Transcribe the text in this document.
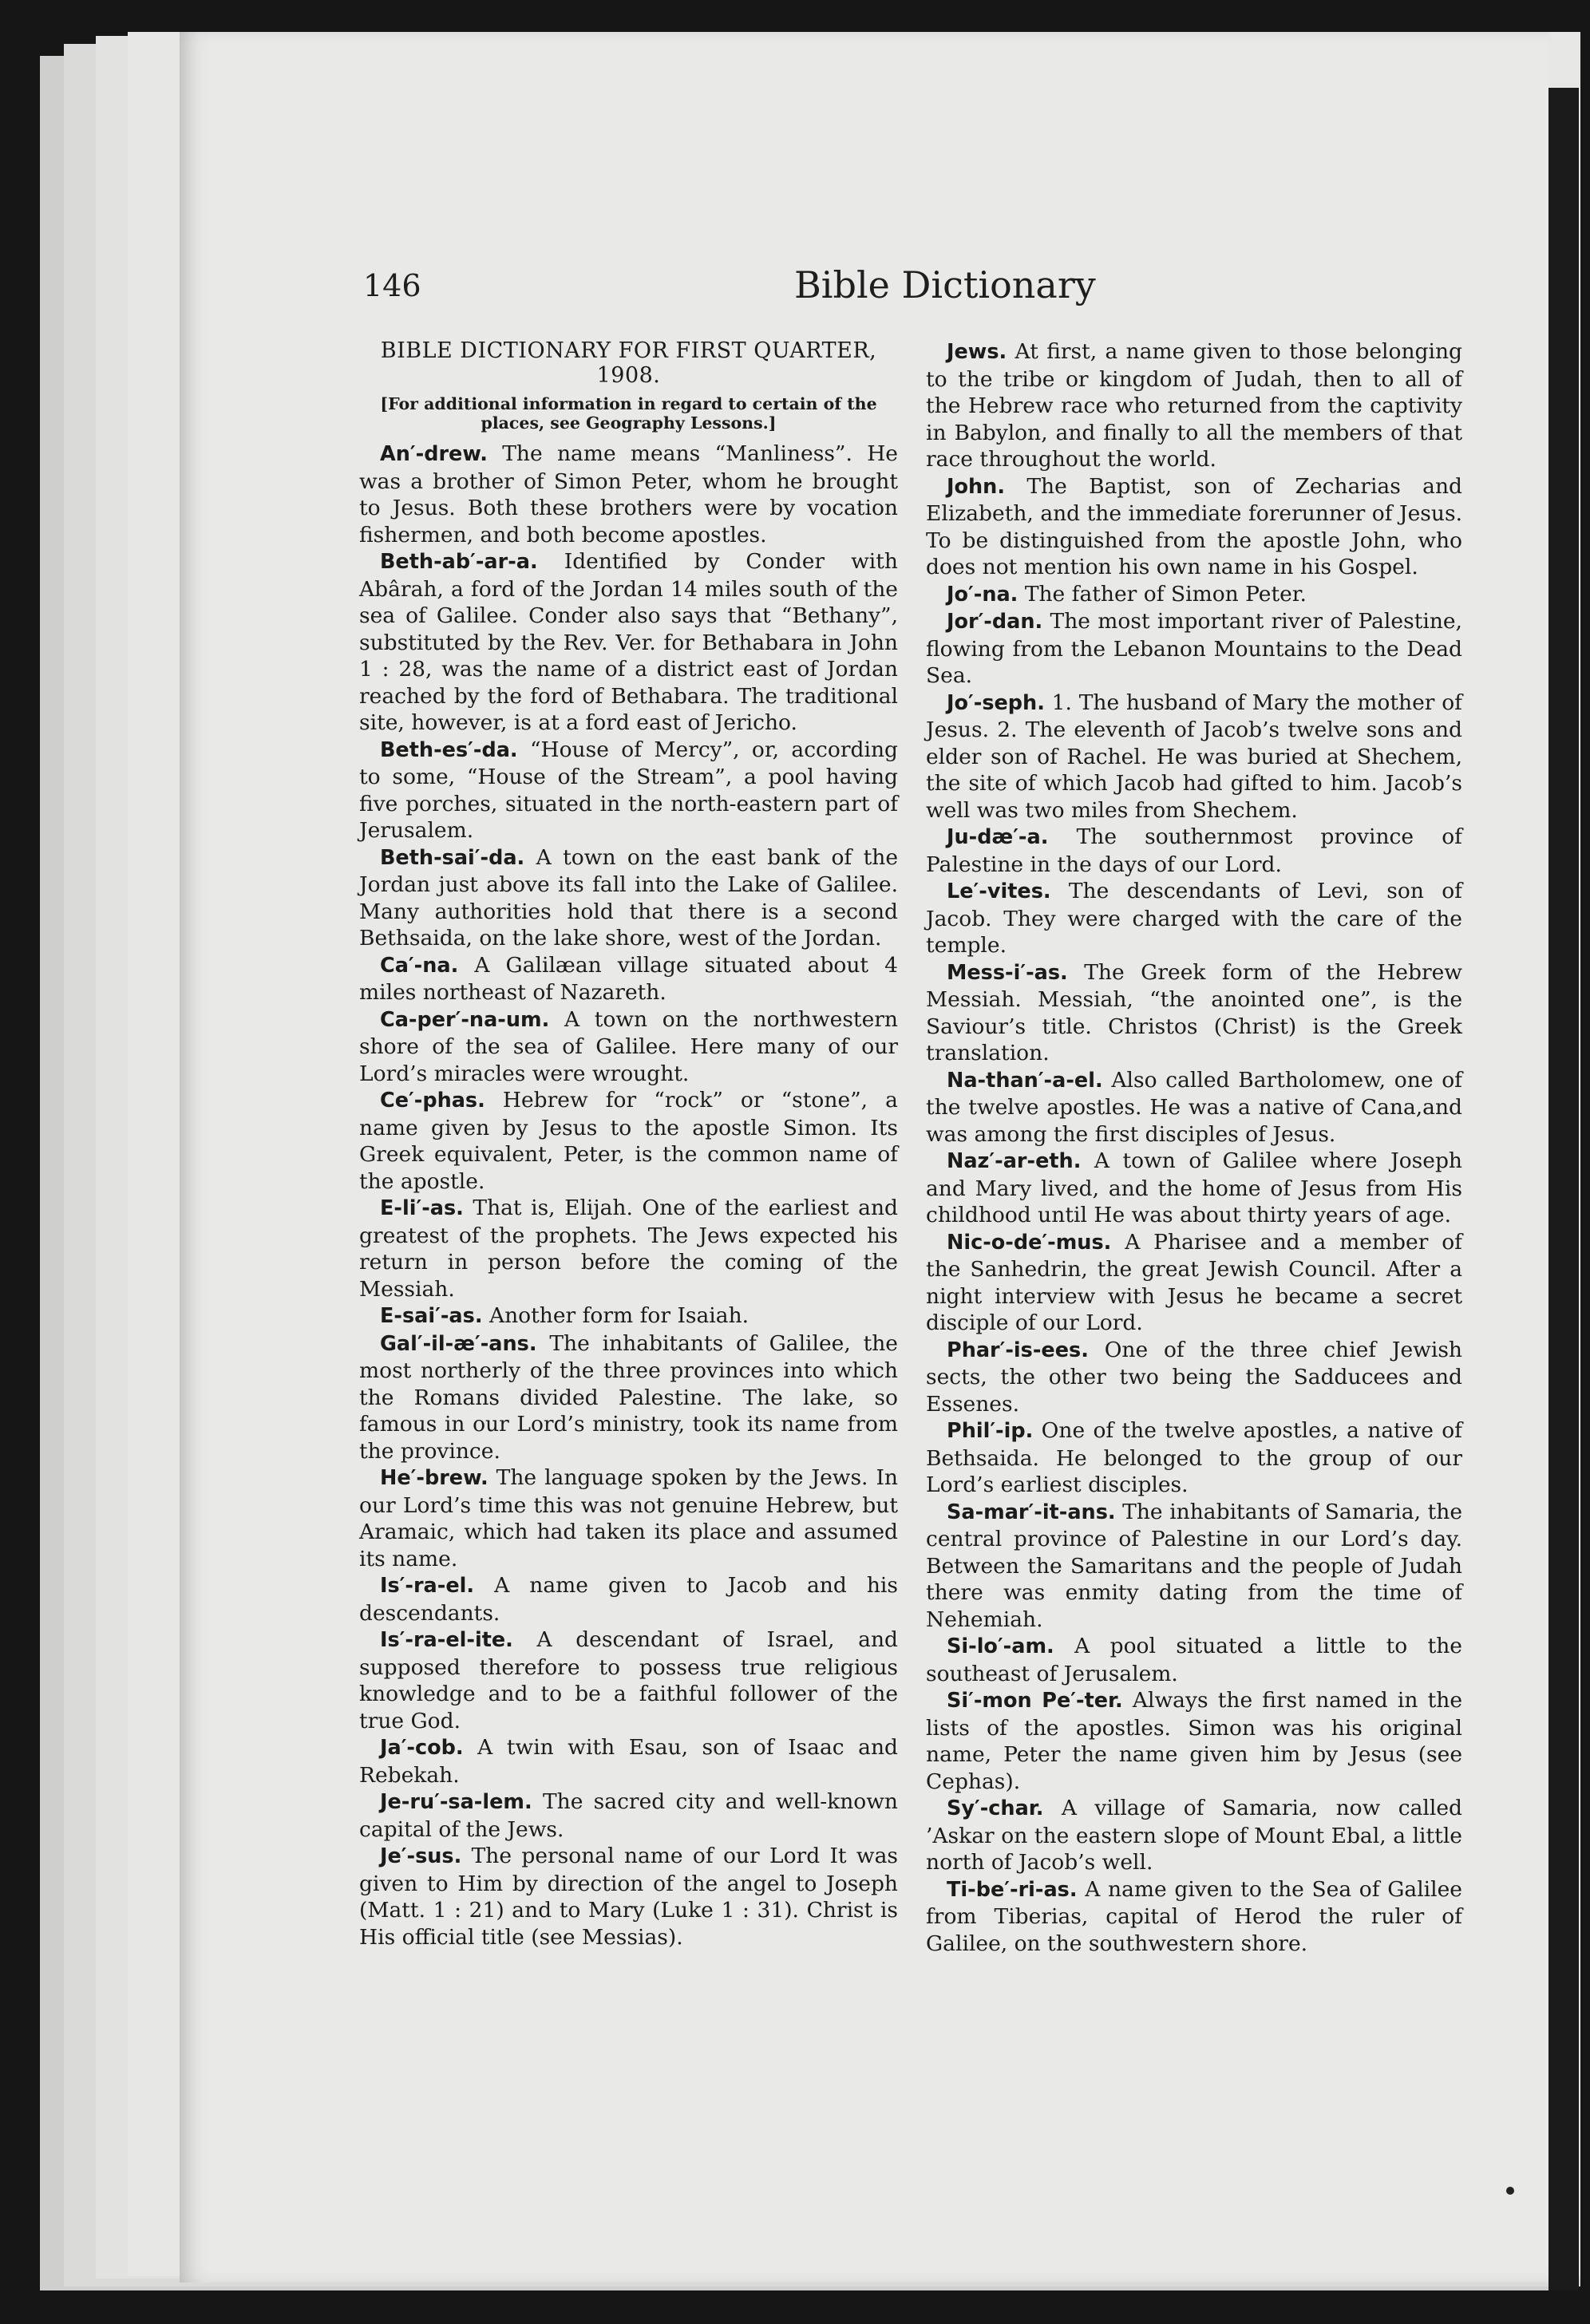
146	Bible Dictionary

BIBLE DICTIONARY FOR FIRST QUARTER, 1908.

[For additional information in regard to certain of the places, see Geography Lessons.]

An′-drew. The name means “Manliness”. He was a brother of Simon Peter, whom he brought to Jesus. Both these brothers were by vocation fishermen, and both become apostles.

Beth-ab′-ar-a. Identified by Conder with Abârah, a ford of the Jordan 14 miles south of the sea of Galilee. Conder also says that “Bethany”, substituted by the Rev. Ver. for Bethabara in John 1 : 28, was the name of a district east of Jordan reached by the ford of Bethabara. The traditional site, however, is at a ford east of Jericho.

Beth-es′-da. “House of Mercy”, or, according to some, “House of the Stream”, a pool having five porches, situated in the north-eastern part of Jerusalem.

Beth-sai′-da. A town on the east bank of the Jordan just above its fall into the Lake of Galilee. Many authorities hold that there is a second Bethsaida, on the lake shore, west of the Jordan.

Ca′-na. A Galilæan village situated about 4 miles northeast of Nazareth.

Ca-per′-na-um. A town on the northwestern shore of the sea of Galilee. Here many of our Lord’s miracles were wrought.

Ce′-phas. Hebrew for “rock” or “stone”, a name given by Jesus to the apostle Simon. Its Greek equivalent, Peter, is the common name of the apostle.

E-li′-as. That is, Elijah. One of the earliest and greatest of the prophets. The Jews expected his return in person before the coming of the Messiah.

E-sai′-as. Another form for Isaiah.

Gal′-il-æ′-ans. The inhabitants of Galilee, the most northerly of the three provinces into which the Romans divided Palestine. The lake, so famous in our Lord’s ministry, took its name from the province.

He′-brew. The language spoken by the Jews. In our Lord’s time this was not genuine Hebrew, but Aramaic, which had taken its place and assumed its name.

Is′-ra-el. A name given to Jacob and his descendants.

Is′-ra-el-ite. A descendant of Israel, and supposed therefore to possess true religious knowledge and to be a faithful follower of the true God.

Ja′-cob. A twin with Esau, son of Isaac and Rebekah.

Je-ru′-sa-lem. The sacred city and well-known capital of the Jews.

Je′-sus. The personal name of our Lord It was given to Him by direction of the angel to Joseph (Matt. 1 : 21) and to Mary (Luke 1 : 31). Christ is His official title (see Messias).

Jews. At first, a name given to those belonging to the tribe or kingdom of Judah, then to all of the Hebrew race who returned from the captivity in Babylon, and finally to all the members of that race throughout the world.

John. The Baptist, son of Zecharias and Elizabeth, and the immediate forerunner of Jesus. To be distinguished from the apostle John, who does not mention his own name in his Gospel.

Jo′-na. The father of Simon Peter.

Jor′-dan. The most important river of Palestine, flowing from the Lebanon Mountains to the Dead Sea.

Jo′-seph. 1. The husband of Mary the mother of Jesus. 2. The eleventh of Jacob’s twelve sons and elder son of Rachel. He was buried at Shechem, the site of which Jacob had gifted to him. Jacob’s well was two miles from Shechem.

Ju-dæ′-a. The southernmost province of Palestine in the days of our Lord.

Le′-vites. The descendants of Levi, son of Jacob. They were charged with the care of the temple.

Mess-i′-as. The Greek form of the Hebrew Messiah. Messiah, “the anointed one”, is the Saviour’s title. Christos (Christ) is the Greek translation.

Na-than′-a-el. Also called Bartholomew, one of the twelve apostles. He was a native of Cana,and was among the first disciples of Jesus.

Naz′-ar-eth. A town of Galilee where Joseph and Mary lived, and the home of Jesus from His childhood until He was about thirty years of age.

Nic-o-de′-mus. A Pharisee and a member of the Sanhedrin, the great Jewish Council. After a night interview with Jesus he became a secret disciple of our Lord.

Phar′-is-ees. One of the three chief Jewish sects, the other two being the Sadducees and Essenes.

Phil′-ip. One of the twelve apostles, a native of Bethsaida. He belonged to the group of our Lord’s earliest disciples.

Sa-mar′-it-ans. The inhabitants of Samaria, the central province of Palestine in our Lord’s day. Between the Samaritans and the people of Judah there was enmity dating from the time of Nehemiah.

Si-lo′-am. A pool situated a little to the southeast of Jerusalem.

Si′-mon Pe′-ter. Always the first named in the lists of the apostles. Simon was his original name, Peter the name given him by Jesus (see Cephas).

Sy′-char. A village of Samaria, now called ’Askar on the eastern slope of Mount Ebal, a little north of Jacob’s well.

Ti-be′-ri-as. A name given to the Sea of Galilee from Tiberias, capital of Herod the ruler of Galilee, on the southwestern shore.
